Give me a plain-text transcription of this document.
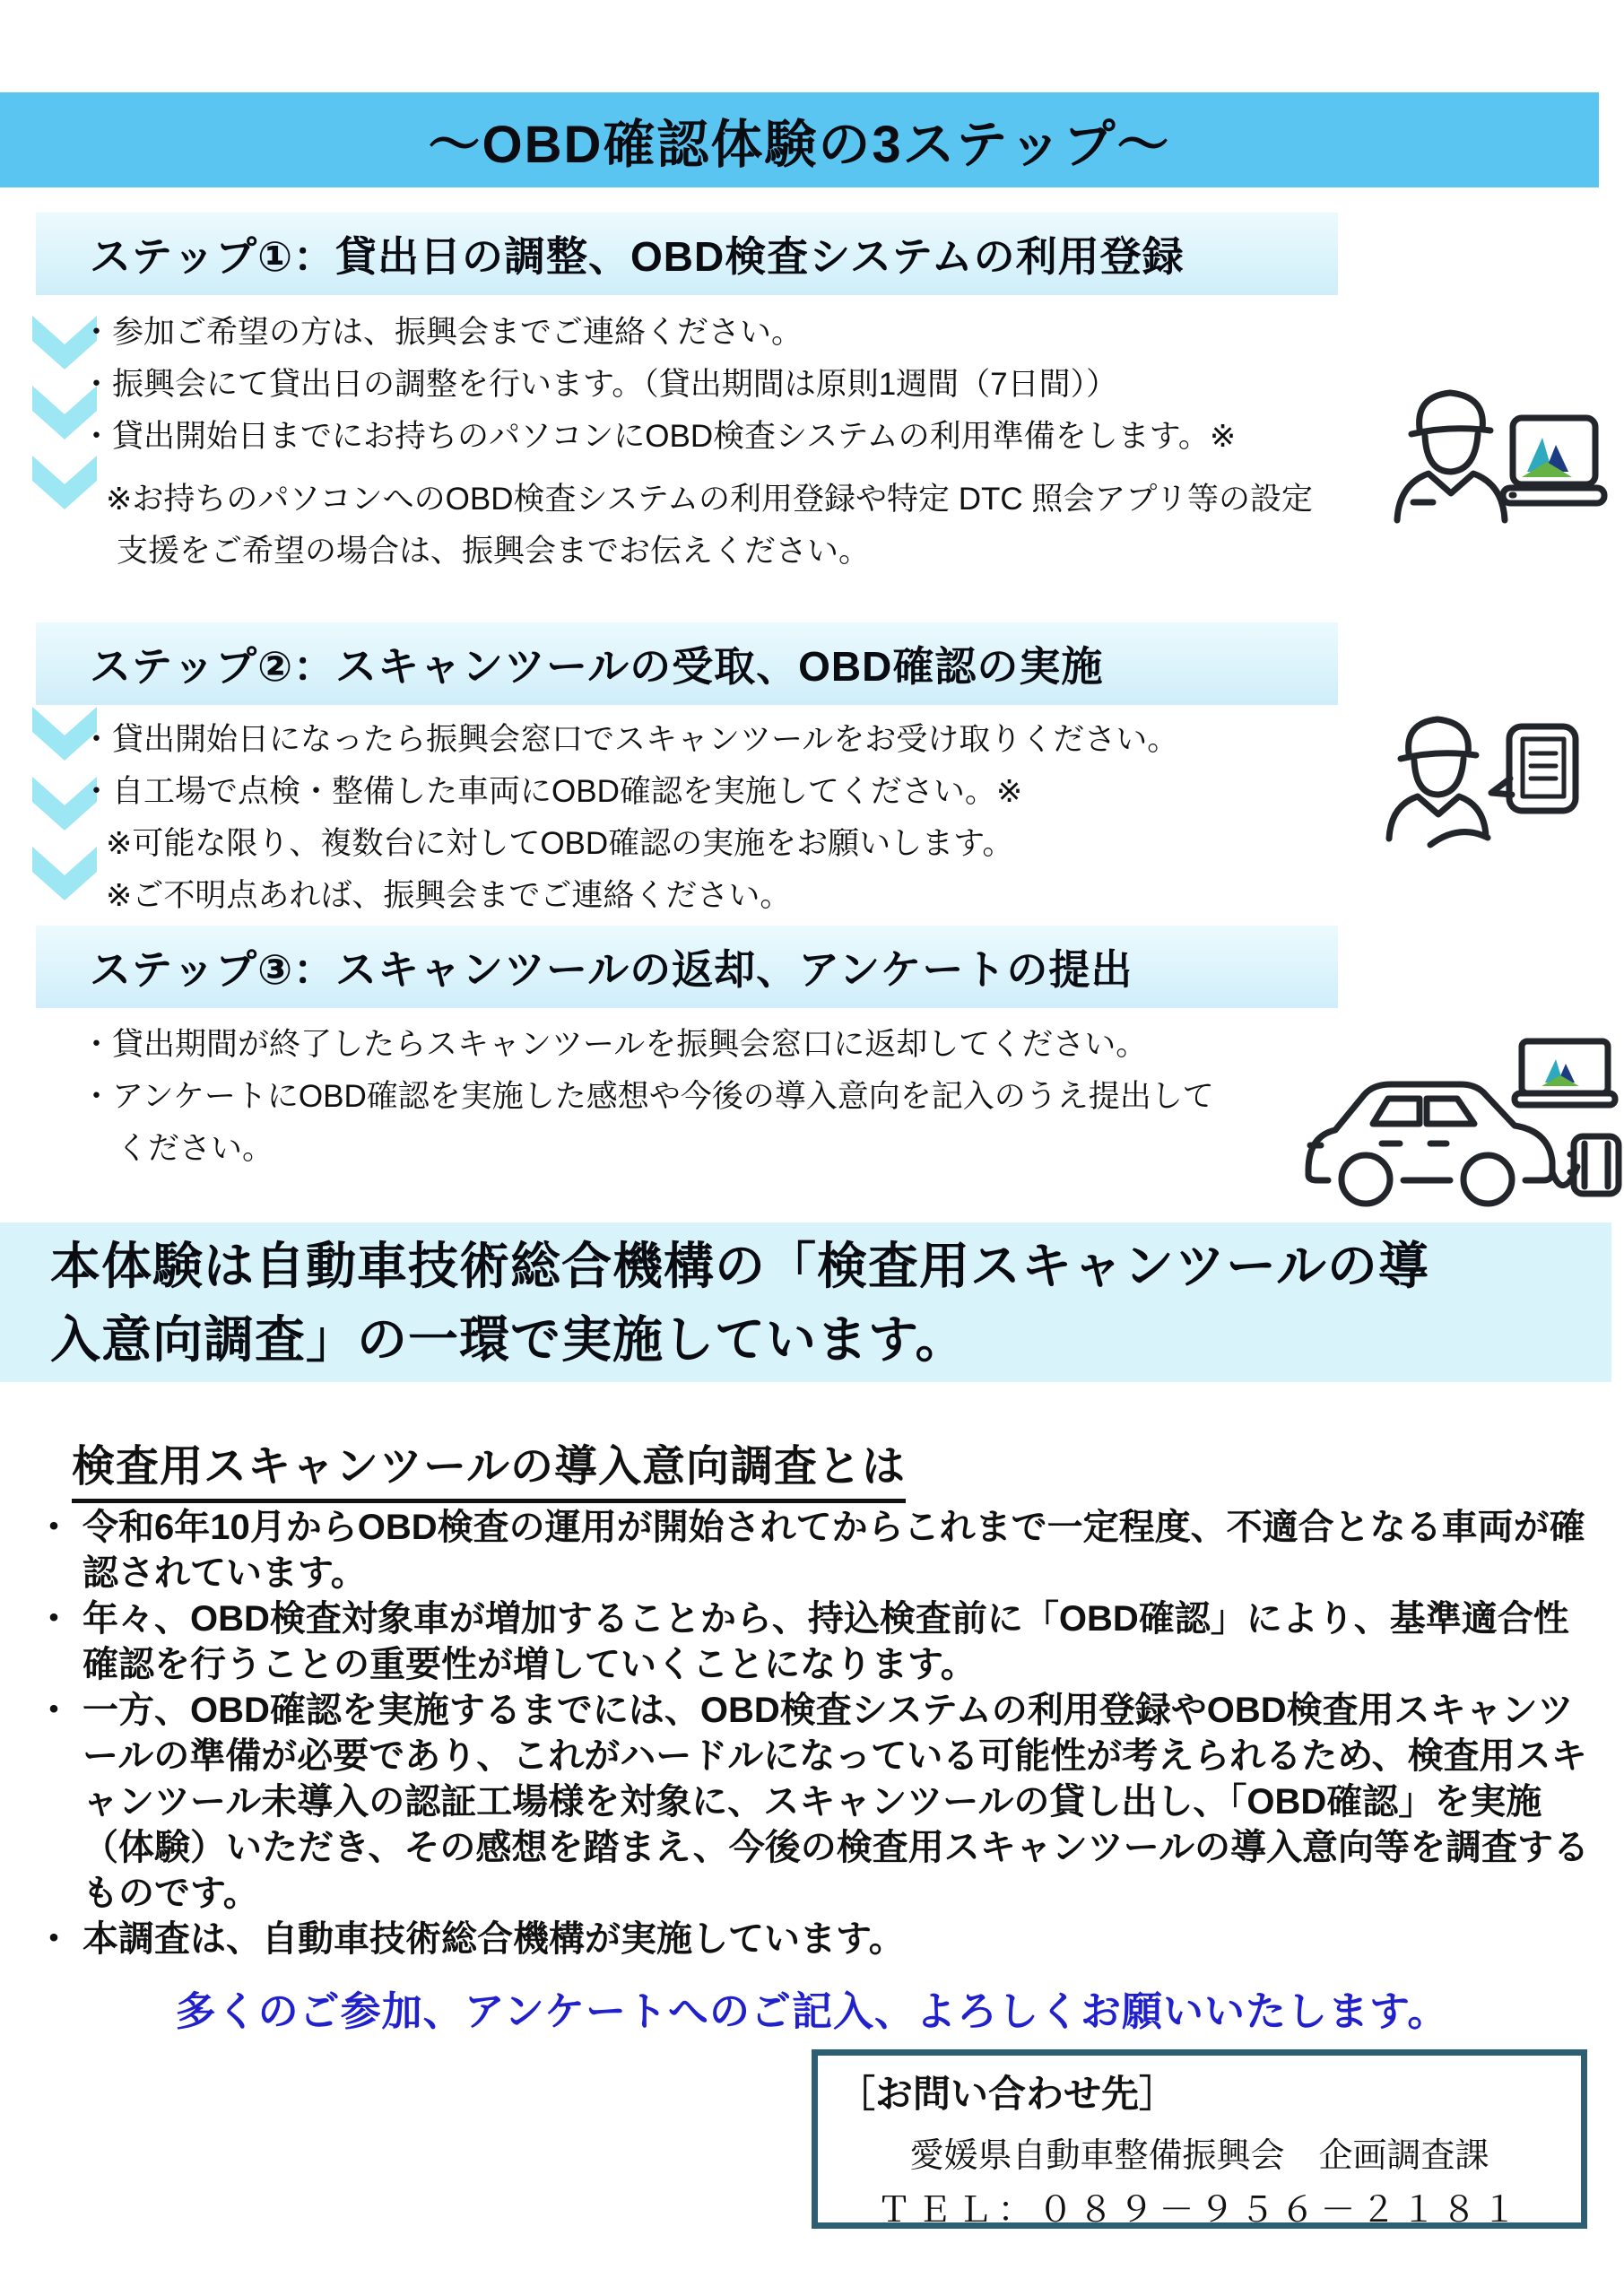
～OBD確認体験の3ステップ～
ステップ①：貸出日の調整、OBD検査システムの利用登録
・参加ご希望の方は、振興会までご連絡ください。
・振興会にて貸出日の調整を行います。（貸出期間は原則1週間（7日間））
・貸出開始日までにお持ちのパソコンにOBD検査システムの利用準備をします。※
※お持ちのパソコンへのOBD検査システムの利用登録や特定 DTC 照会アプリ等の設定
支援をご希望の場合は、振興会までお伝えください。
ステップ②：スキャンツールの受取、OBD確認の実施
・貸出開始日になったら振興会窓口でスキャンツールをお受け取りください。
・自工場で点検・整備した車両にOBD確認を実施してください。※
※可能な限り、複数台に対してOBD確認の実施をお願いします。
※ご不明点あれば、振興会までご連絡ください。
ステップ③：スキャンツールの返却、アンケートの提出
・貸出期間が終了したらスキャンツールを振興会窓口に返却してください。
・アンケートにOBD確認を実施した感想や今後の導入意向を記入のうえ提出して
ください。
本体験は自動車技術総合機構の「検査用スキャンツールの導
入意向調査」の一環で実施しています。
検査用スキャンツールの導入意向調査とは
・ 令和6年10月からOBD検査の運用が開始されてからこれまで一定程度、不適合となる車両が確認されています。
・ 年々、OBD検査対象車が増加することから、持込検査前に「OBD確認」により、基準適合性確認を行うことの重要性が増していくことになります。
・ 一方、OBD確認を実施するまでには、OBD検査システムの利用登録やOBD検査用スキャンツールの準備が必要であり、これがハードルになっている可能性が考えられるため、検査用スキャンツール未導入の認証工場様を対象に、スキャンツールの貸し出し、「OBD確認」を実施（体験）いただき、その感想を踏まえ、今後の検査用スキャンツールの導入意向等を調査するものです。
・ 本調査は、自動車技術総合機構が実施しています。
多くのご参加、アンケートへのご記入、よろしくお願いいたします。
［お問い合わせ先］
愛媛県自動車整備振興会　企画調査課
ＴＥＬ：０８９－９５６－２１８１
